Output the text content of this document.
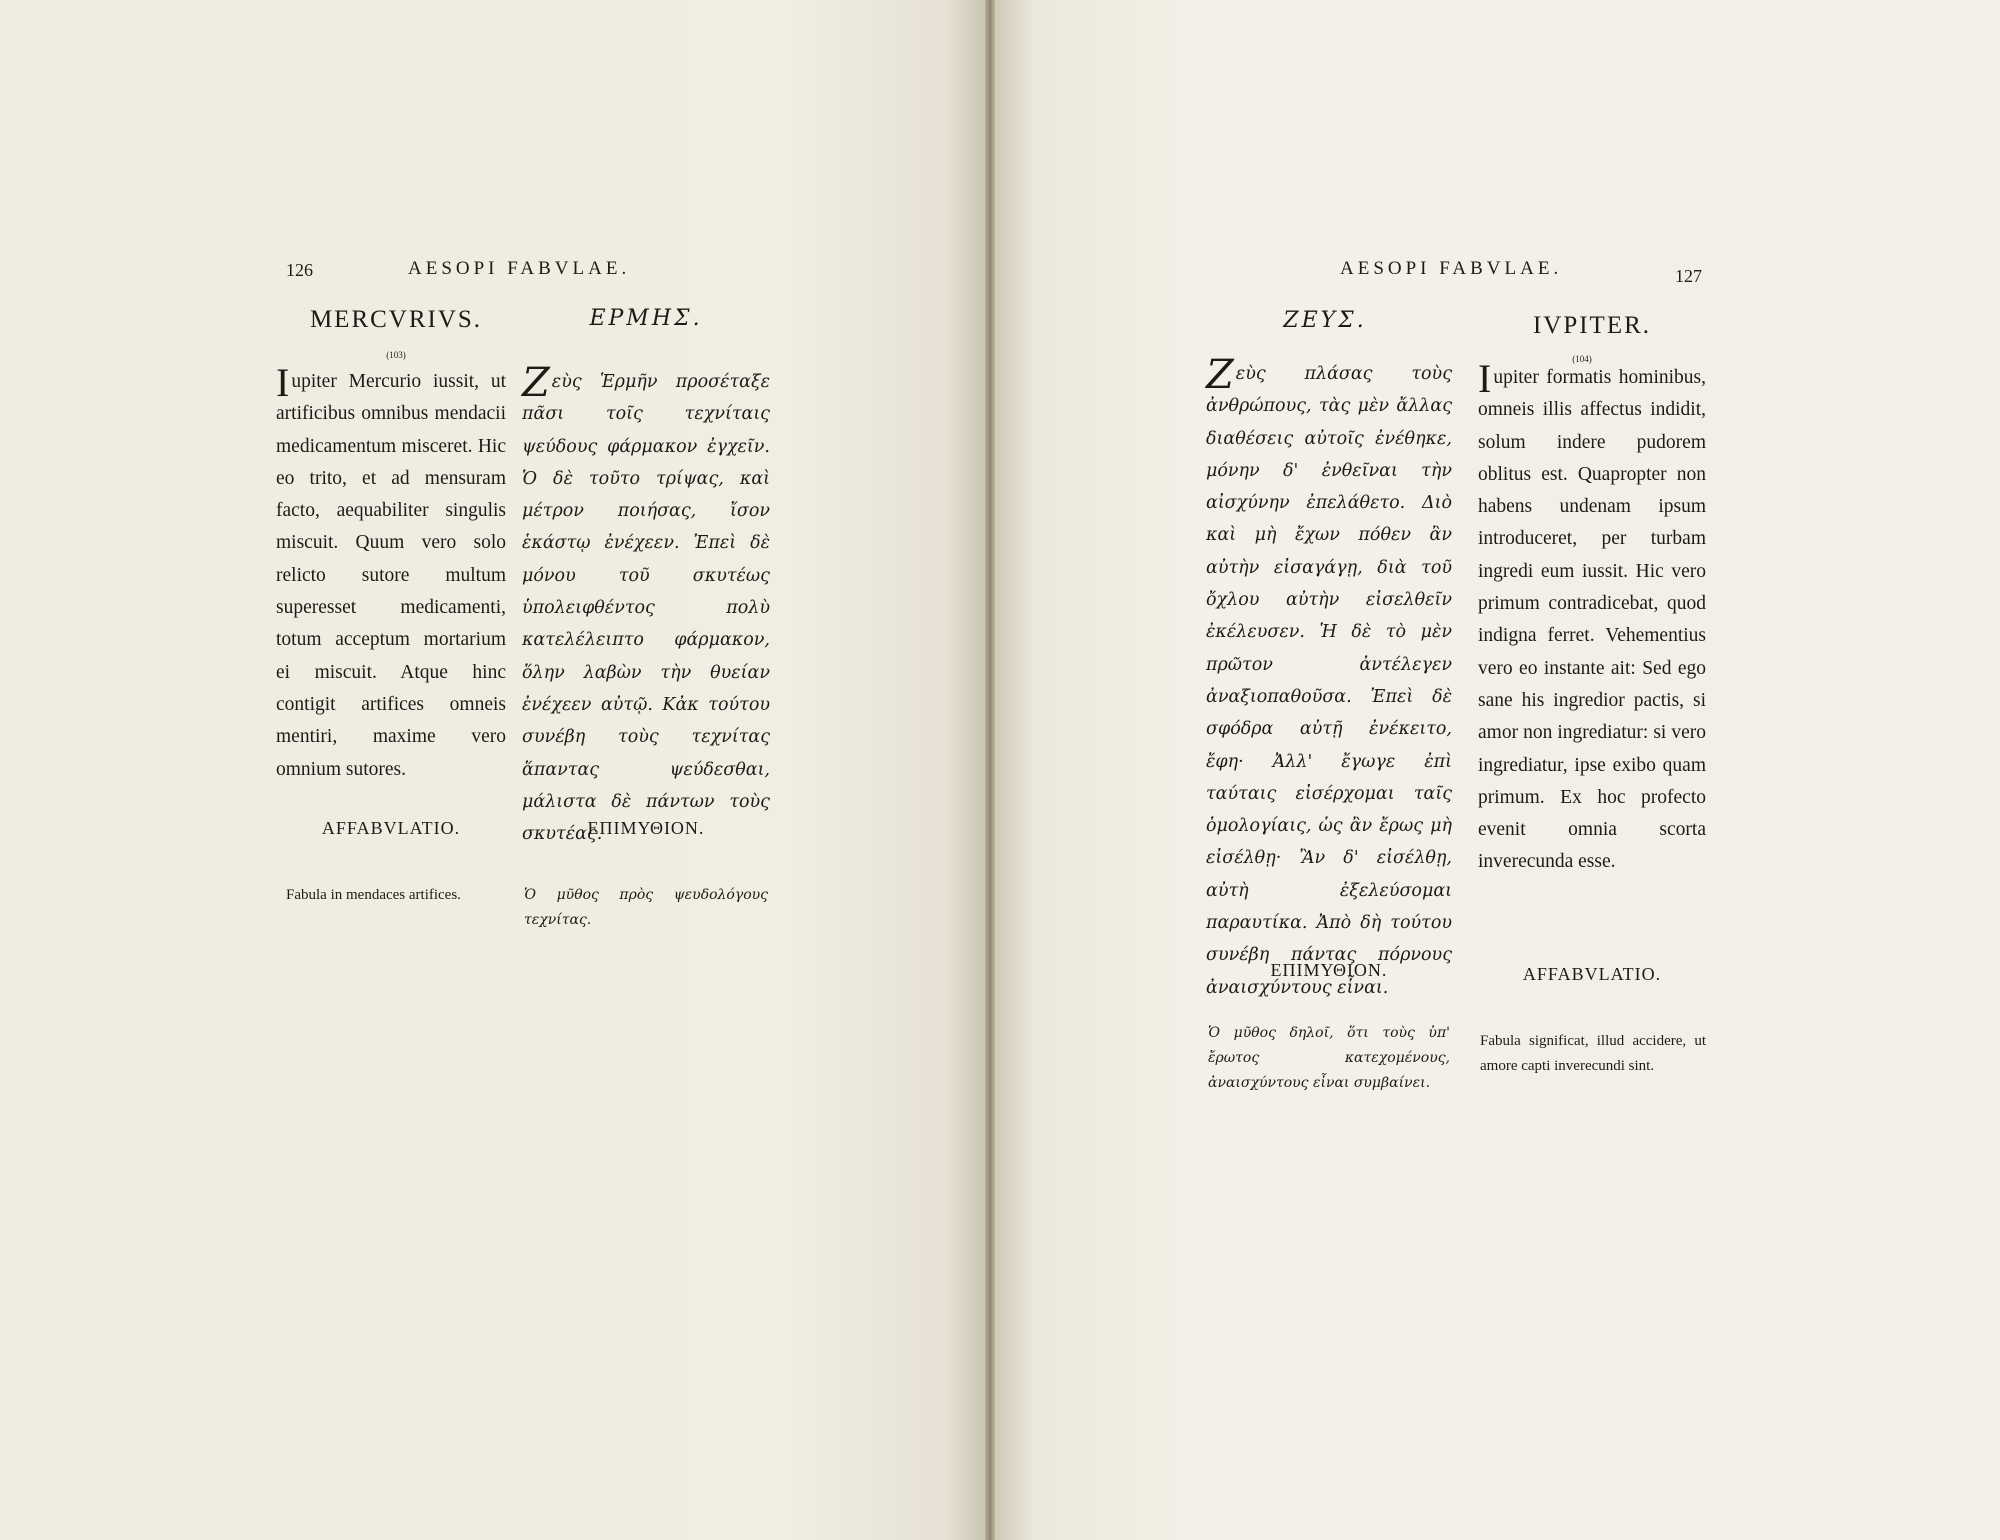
126	AESOPI FABVLAE.
MERCVRIVS.	ΕΡΜΗΣ.
(103)

Iupiter Mercurio iussit, ut artificibus omnibus mendacii medicamentum misceret. Hic eo trito, et ad mensuram facto, aequabiliter singulis miscuit. Quum vero solo relicto sutore multum superesset medicamenti, totum acceptum mortarium ei miscuit. Atque hinc contigit artifices omneis mentiri, maxime vero omnium sutores.

Zεὺς Ἑρμῆν προσέταξε πᾶσι τοῖς τεχνίταις ψεύδους φάρμακον ἐγχεῖν. Ὁ δὲ τοῦτο τρίψας, καὶ μέτρον ποιήσας, ἴσον ἑκάστῳ ἐνέχεεν. Ἐπεὶ δὲ μόνου τοῦ σκυτέως ὑπολειφθέντος πολὺ κατελέλειπτο φάρμακον, ὅλην λαβὼν τὴν θυείαν ἐνέχεεν αὐτῷ. Κἀκ τούτου συνέβη τοὺς τεχνίτας ἅπαντας ψεύδεσθαι, μάλιστα δὲ πάντων τοὺς σκυτέας.

AFFABVLATIO.	ΕΠΙΜΥΘΙΟΝ.
Fabula in mendaces artifices.	Ὁ μῦθος πρὸς ψευδολόγους τεχνίτας.
AESOPI FABVLAE.	127
ΖΕΥΣ.	IVPITER.
(104)

Zεὺς πλάσας τοὺς ἀνθρώπους, τὰς μὲν ἄλλας διαθέσεις αὐτοῖς ἐνέθηκε, μόνην δ' ἐνθεῖναι τὴν αἰσχύνην ἐπελάθετο. Διὸ καὶ μὴ ἔχων πόθεν ἂν αὐτὴν εἰσαγάγῃ, διὰ τοῦ ὄχλου αὐτὴν εἰσελθεῖν ἐκέλευσεν. Ἡ δὲ τὸ μὲν πρῶτον ἀντέλεγεν ἀναξιοπαθοῦσα. Ἐπεὶ δὲ σφόδρα αὐτῇ ἐνέκειτο, ἔφη· Ἀλλ' ἔγωγε ἐπὶ ταύταις εἰσέρχομαι ταῖς ὁμολογίαις, ὡς ἂν ἔρως μὴ εἰσέλθῃ· Ἂν δ' εἰσέλθῃ, αὐτὴ ἐξελεύσομαι παραυτίκα. Ἀπὸ δὴ τούτου συνέβη πάντας πόρνους ἀναισχύντους εἶναι.

Iupiter formatis hominibus, omneis illis affectus indidit, solum indere pudorem oblitus est. Quapropter non habens undenam ipsum introduceret, per turbam ingredi eum iussit. Hic vero primum contradicebat, quod indigna ferret. Vehementius vero eo instante ait: Sed ego sane his ingredior pactis, si amor non ingrediatur: si vero ingrediatur, ipse exibo quam primum. Ex hoc profecto evenit omnia scorta inverecunda esse.

ΕΠΙΜΥΘΙΟΝ.	AFFABVLATIO.
Ὁ μῦθος δηλοῖ, ὅτι τοὺς ὑπ' ἔρωτος κατεχομένους, ἀναισχύντους εἶναι συμβαίνει.
Fabula significat, illud accidere, ut amore capti inverecundi sint.
